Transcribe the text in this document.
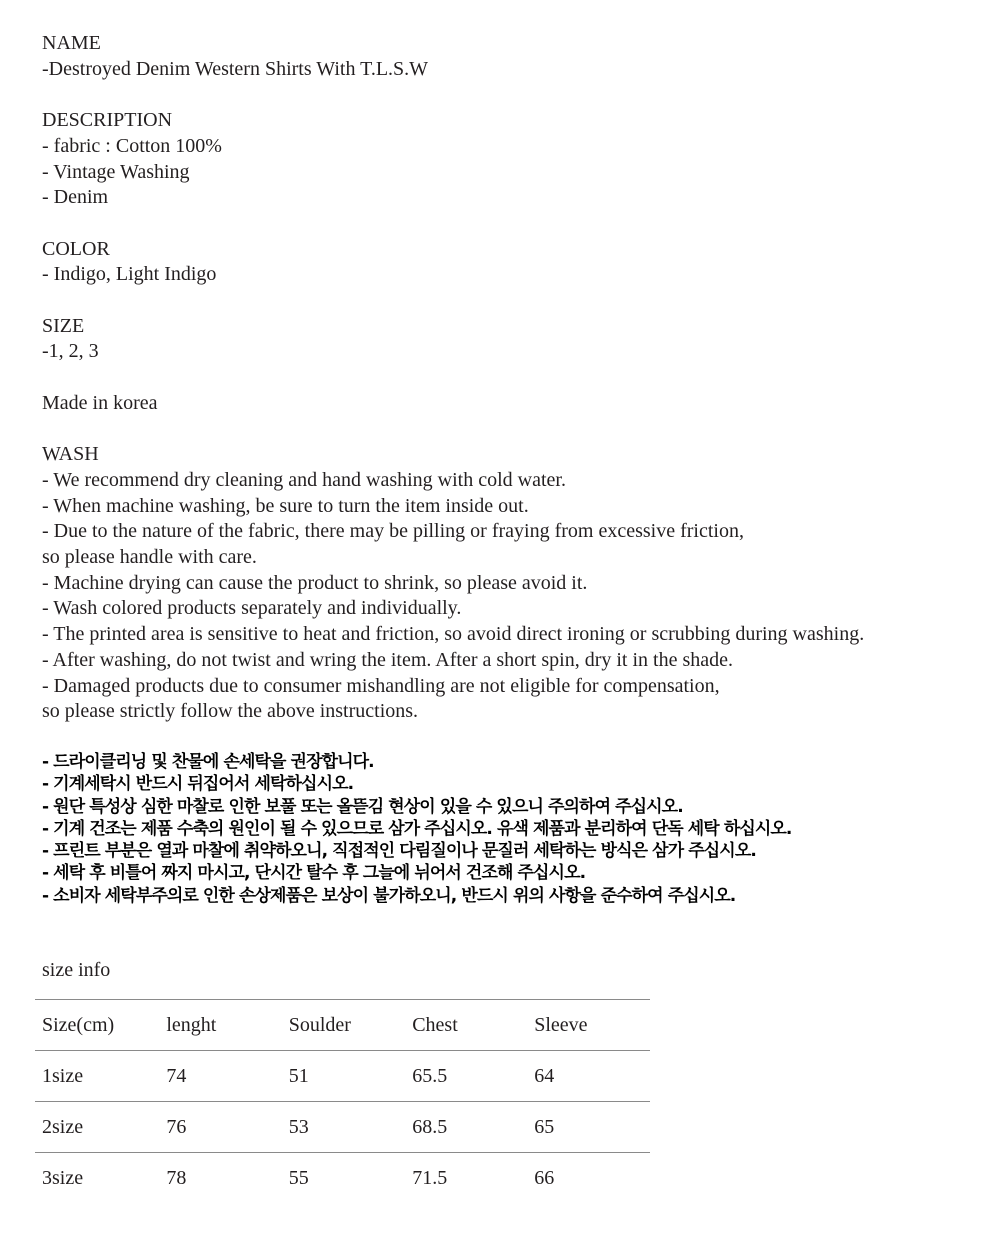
NAME

-Destroyed Denim Western Shirts With T.L.S.W

DESCRIPTION

- fabric : Cotton 100%

- Vintage Washing

- Denim

COLOR

- Indigo, Light Indigo

SIZE

-1, 2, 3

Made in korea

WASH

- We recommend dry cleaning and hand washing with cold water.

- When machine washing, be sure to turn the item inside out.

- Due to the nature of the fabric, there may be pilling or fraying from excessive friction,

so please handle with care.

- Machine drying can cause the product to shrink, so please avoid it.

- Wash colored products separately and individually.

- The printed area is sensitive to heat and friction, so avoid direct ironing or scrubbing during washing.

- After washing, do not twist and wring the item. After a short spin, dry it in the shade.

- Damaged products due to consumer mishandling are not eligible for compensation,

so please strictly follow the above instructions.

- 드라이클리닝 및 찬물에 손세탁을 권장합니다.

- 기계세탁시 반드시 뒤집어서 세탁하십시오.

- 원단 특성상 심한 마찰로 인한 보풀 또는 올뜯김 현상이 있을 수 있으니 주의하여 주십시오.

- 기계 건조는 제품 수축의 원인이 될 수 있으므로 삼가 주십시오. 유색 제품과 분리하여 단독 세탁 하십시오.

- 프린트 부분은 열과 마찰에 취약하오니, 직접적인 다림질이나 문질러 세탁하는 방식은 삼가 주십시오.

- 세탁 후 비틀어 짜지 마시고, 단시간 탈수 후 그늘에 뉘어서 건조해 주십시오.

- 소비자 세탁부주의로 인한 손상제품은 보상이 불가하오니, 반드시 위의 사항을 준수하여 주십시오.

size info
Size(cm)	lenght	Soulder	Chest	Sleeve
1size	74	51	65.5	64
2size	76	53	68.5	65
3size	78	55	71.5	66
